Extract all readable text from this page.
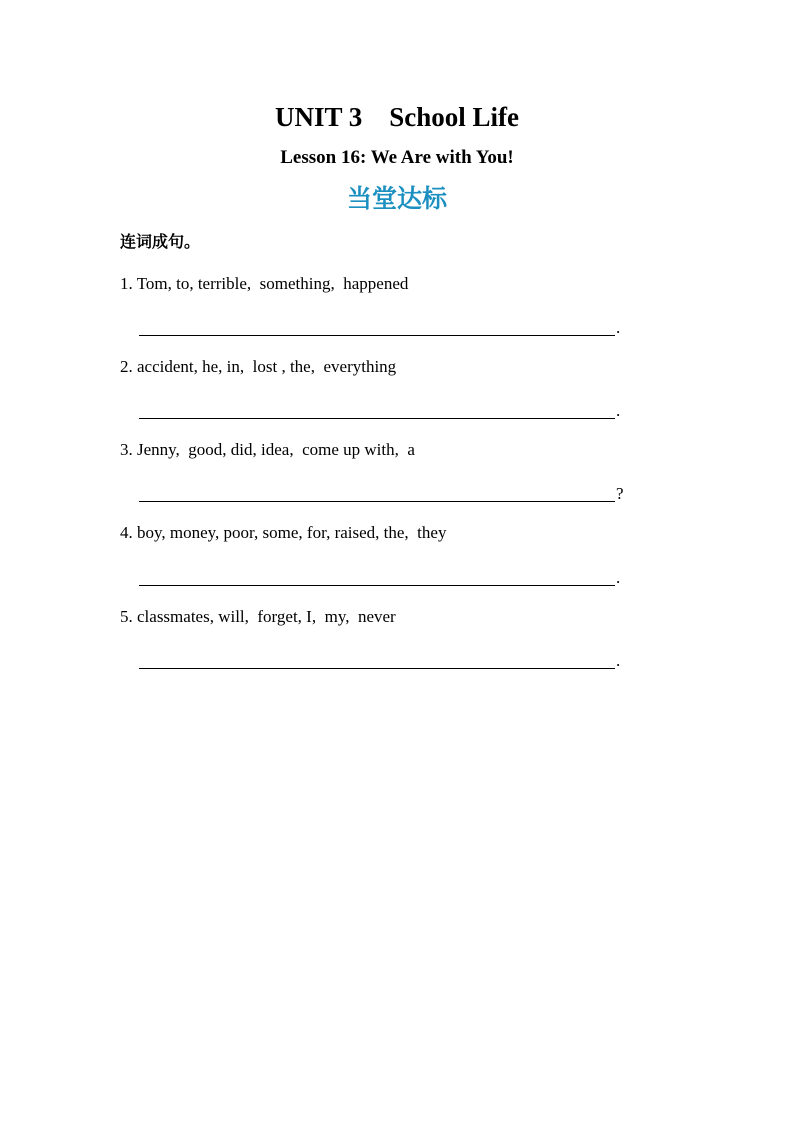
UNIT 3    School Life
Lesson 16: We Are with You!
当堂达标
连词成句。
1. Tom, to, terrible,  something,  happened
.
2. accident, he, in,  lost , the,  everything
.
3. Jenny,  good, did, idea,  come up with,  a
?
4. boy, money, poor, some, for, raised, the,  they
.
5. classmates, will,  forget, I,  my,  never
.
